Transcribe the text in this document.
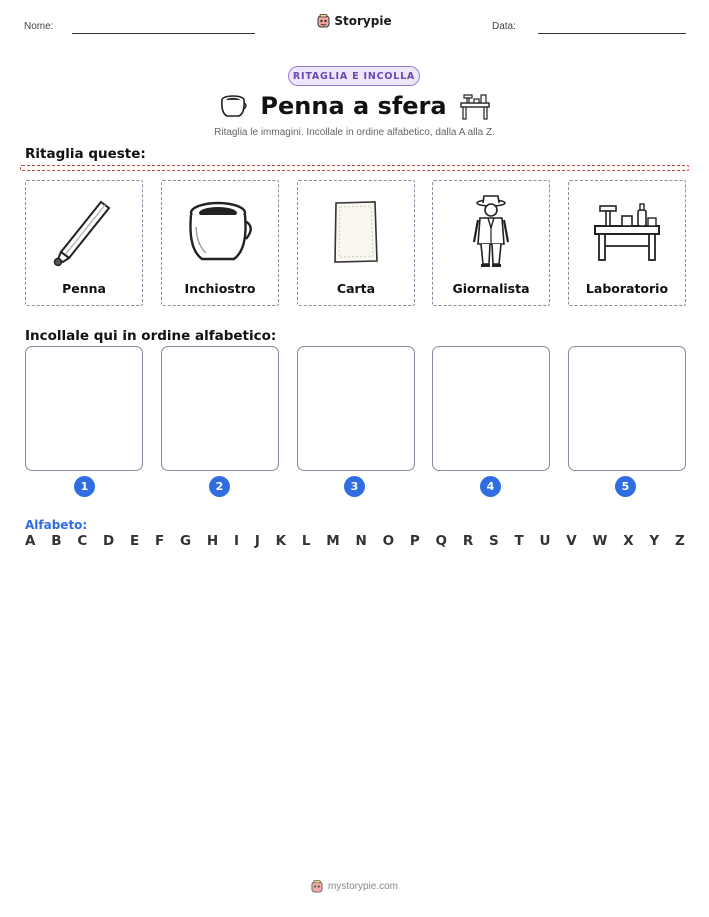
Nome:	Storypie	Data:
RITAGLIA E INCOLLA
Penna a sfera
Ritaglia le immagini. Incollale in ordine alfabetico, dalla A alla Z.
Ritaglia queste:
Penna	Inchiostro	Carta	Giornalista	Laboratorio
Incollale qui in ordine alfabetico:
1	2	3	4	5
Alfabeto:
A B C D E F G H I J K L M N O P Q R S T U V W X Y Z
mystorypie.com
